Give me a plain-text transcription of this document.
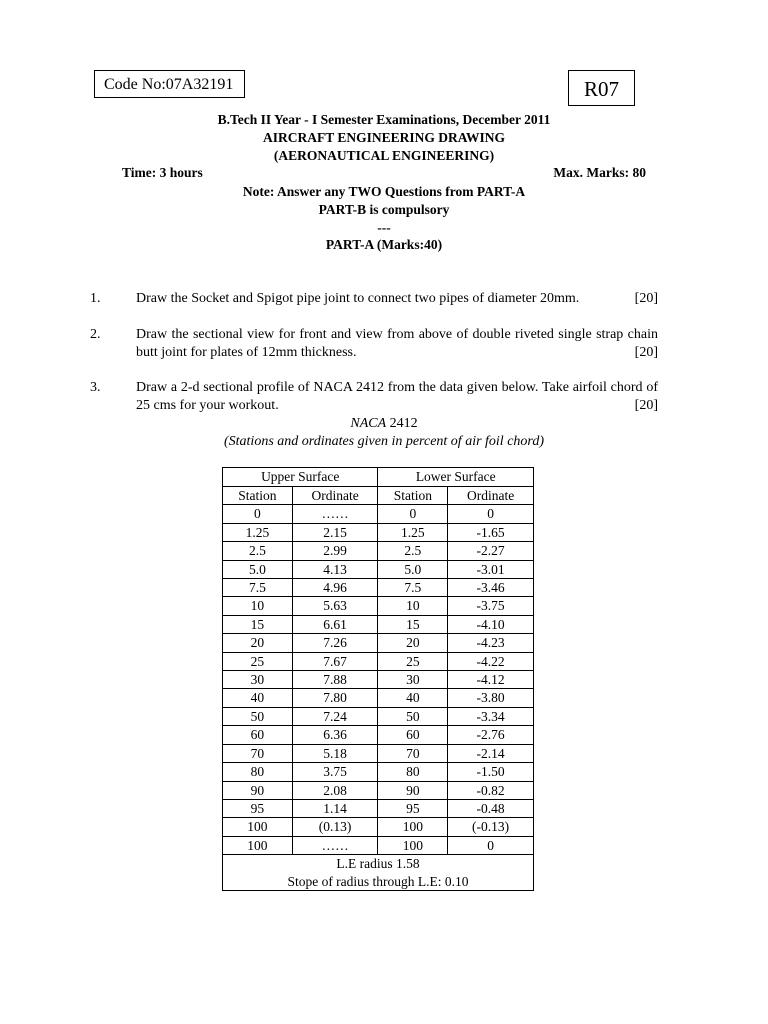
Code No:07A32191	R07
B.Tech II Year - I Semester Examinations, December 2011
AIRCRAFT ENGINEERING DRAWING
(AERONAUTICAL ENGINEERING)
Time: 3 hours	Max. Marks: 80
Note: Answer any TWO Questions from PART-A
PART-B is compulsory
---
PART-A (Marks:40)
1.	Draw the Socket and Spigot pipe joint to connect two pipes of diameter 20mm.	[20]
2.	Draw the sectional view for front and view from above of double riveted single strap chain butt joint for plates of 12mm thickness.	[20]
3.	Draw a 2-d sectional profile of NACA 2412 from the data given below. Take airfoil chord of 25 cms for your workout.	[20]
NACA 2412
(Stations and ordinates given in percent of air foil chord)
Upper Surface		Lower Surface	
Station	Ordinate	Station	Ordinate
0	……	0	0
1.25	2.15	1.25	-1.65
2.5	2.99	2.5	-2.27
5.0	4.13	5.0	-3.01
7.5	4.96	7.5	-3.46
10	5.63	10	-3.75
15	6.61	15	-4.10
20	7.26	20	-4.23
25	7.67	25	-4.22
30	7.88	30	-4.12
40	7.80	40	-3.80
50	7.24	50	-3.34
60	6.36	60	-2.76
70	5.18	70	-2.14
80	3.75	80	-1.50
90	2.08	90	-0.82
95	1.14	95	-0.48
100	(0.13)	100	(-0.13)
100	……	100	0
L.E radius 1.58			
Stope of radius through L.E: 0.10			
